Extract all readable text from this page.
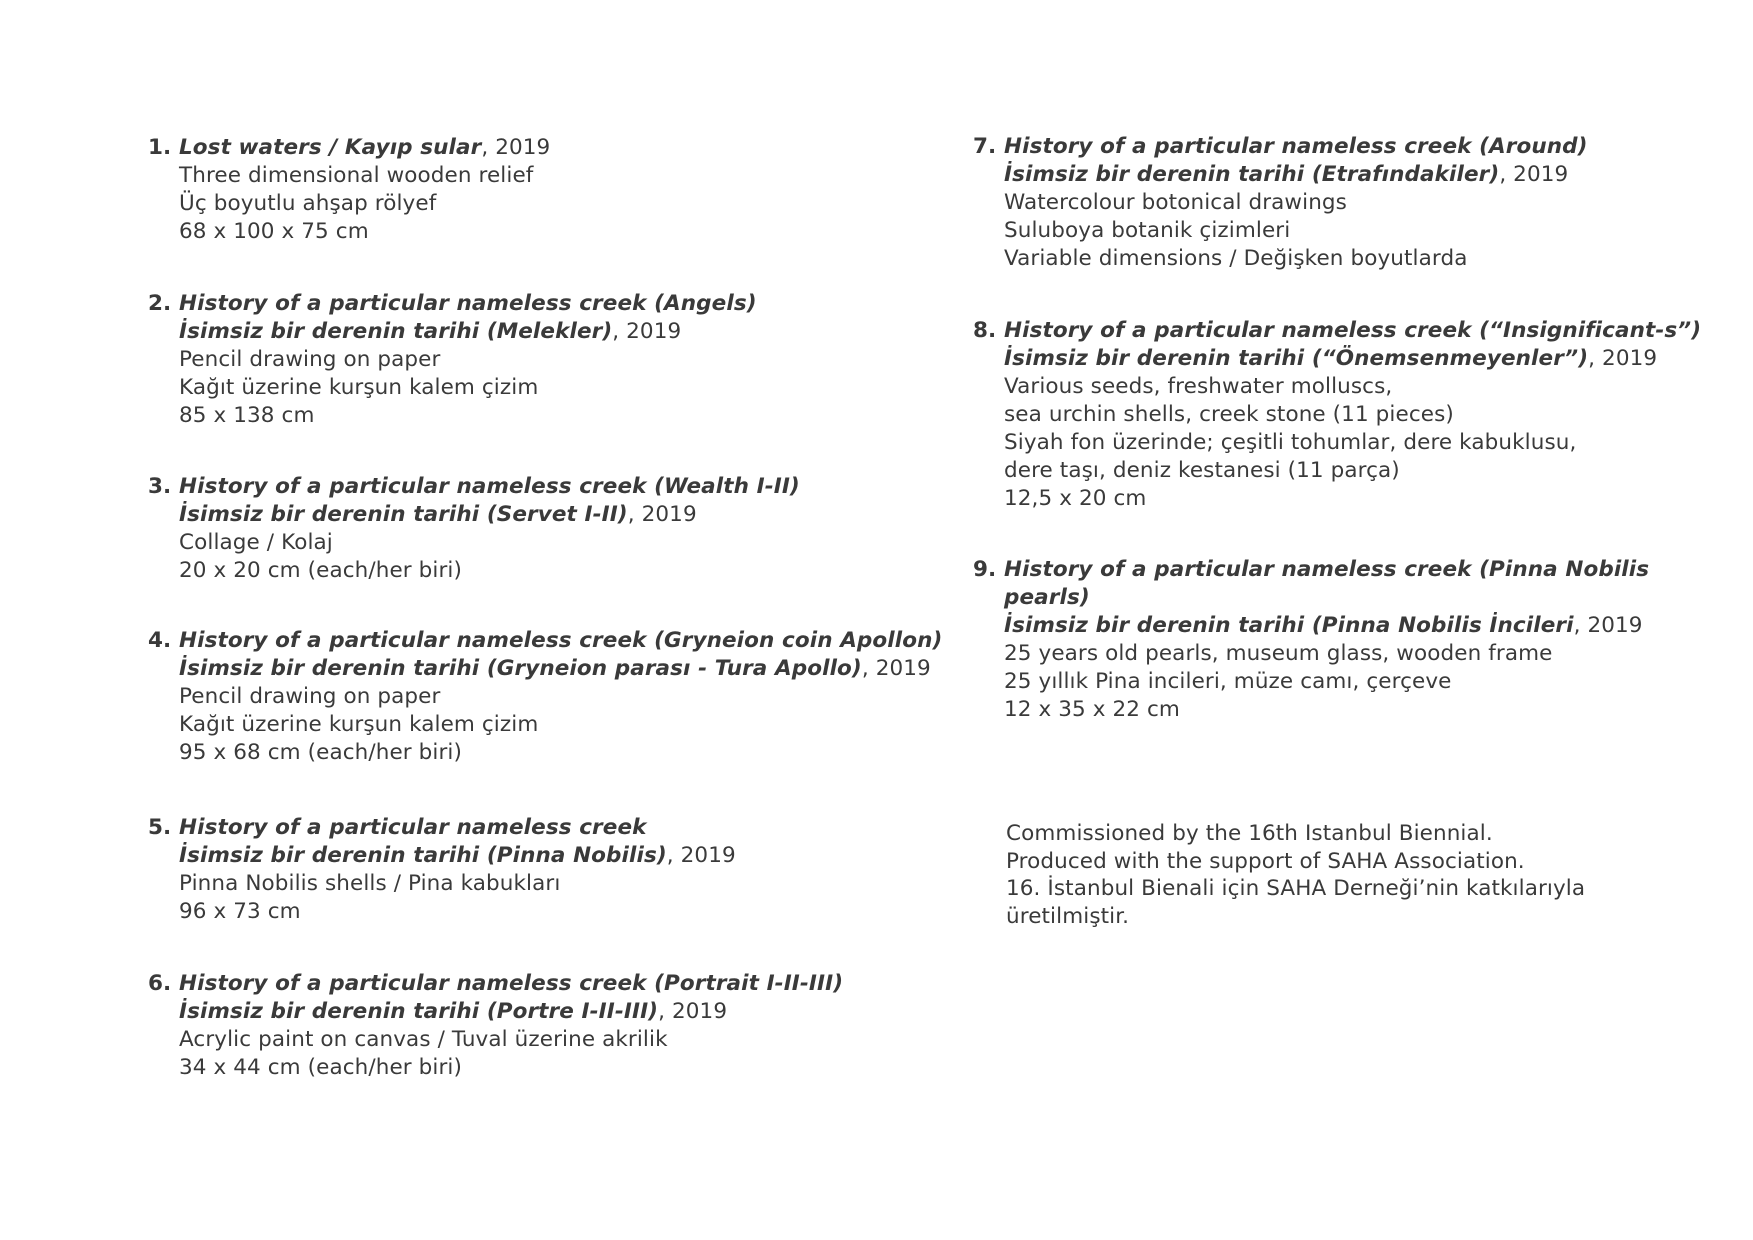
1. Lost waters / Kayıp sular, 2019
Three dimensional wooden relief
Üç boyutlu ahşap rölyef
68 x 100 x 75 cm
2. History of a particular nameless creek (Angels)
İsimsiz bir derenin tarihi (Melekler), 2019
Pencil drawing on paper
Kağıt üzerine kurşun kalem çizim
85 x 138 cm
3. History of a particular nameless creek (Wealth I-II)
İsimsiz bir derenin tarihi (Servet I-II), 2019
Collage / Kolaj
20 x 20 cm (each/her biri)
4. History of a particular nameless creek (Gryneion coin Apollon)
İsimsiz bir derenin tarihi (Gryneion parası - Tura Apollo), 2019
Pencil drawing on paper
Kağıt üzerine kurşun kalem çizim
95 x 68 cm (each/her biri)
5. History of a particular nameless creek
İsimsiz bir derenin tarihi (Pinna Nobilis), 2019
Pinna Nobilis shells / Pina kabukları
96 x 73 cm
6. History of a particular nameless creek (Portrait I-II-III)
İsimsiz bir derenin tarihi (Portre I-II-III), 2019
Acrylic paint on canvas / Tuval üzerine akrilik
34 x 44 cm (each/her biri)
7. History of a particular nameless creek (Around)
İsimsiz bir derenin tarihi (Etrafındakiler), 2019
Watercolour botonical drawings
Suluboya botanik çizimleri
Variable dimensions / Değişken boyutlarda
8. History of a particular nameless creek (“Insignificant-s”)
İsimsiz bir derenin tarihi (“Önemsenmeyenler”), 2019
Various seeds, freshwater molluscs,
sea urchin shells, creek stone (11 pieces)
Siyah fon üzerinde; çeşitli tohumlar, dere kabuklusu,
dere taşı, deniz kestanesi (11 parça)
12,5 x 20 cm
9. History of a particular nameless creek (Pinna Nobilis
pearls)
İsimsiz bir derenin tarihi (Pinna Nobilis İncileri, 2019
25 years old pearls, museum glass, wooden frame
25 yıllık Pina incileri, müze camı, çerçeve
12 x 35 x 22 cm
Commissioned by the 16th Istanbul Biennial.
Produced with the support of SAHA Association.
16. İstanbul Bienali için SAHA Derneği’nin katkılarıyla
üretilmiştir.
